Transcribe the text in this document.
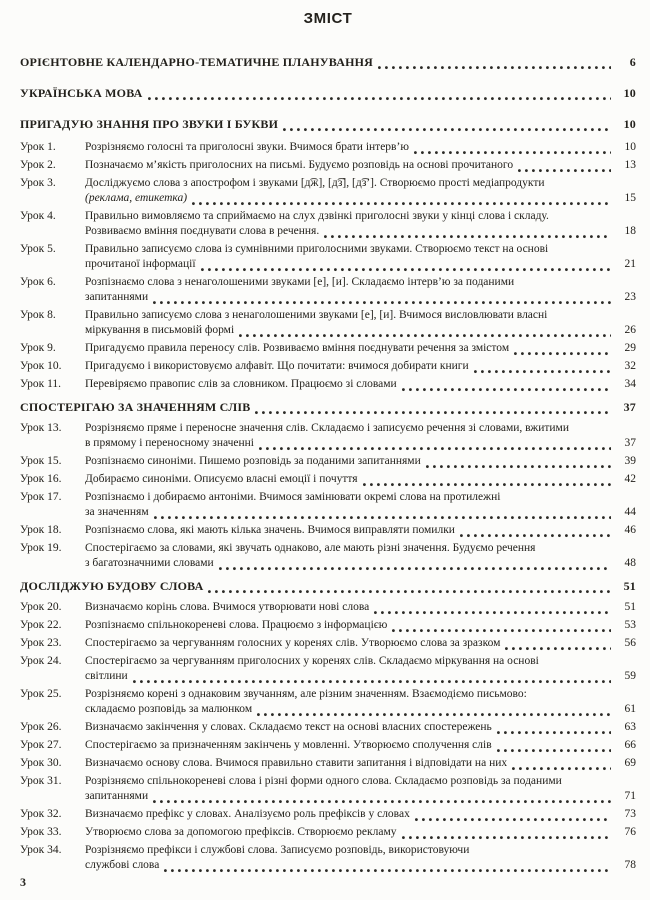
ЗМІСТ
ОРІЄНТОВНЕ КАЛЕНДАРНО-ТЕМАТИЧНЕ ПЛАНУВАННЯ	6
УКРАЇНСЬКА МОВА	10
ПРИГАДУЮ ЗНАННЯ ПРО ЗВУКИ І БУКВИ	10
Урок 1.	Розрізняємо голосні та приголосні звуки. Вчимося брати інтерв’ю	10
Урок 2.	Позначаємо м’якість приголосних на письмі. Будуємо розповідь на основі прочитаного	13
Урок 3.	Досліджуємо слова з апострофом і звуками [д͡ж], [д͡з], [д͡з’]. Створюємо прості медіапродукти
(реклама, етикетка)	15
Урок 4.	Правильно вимовляємо та сприймаємо на слух дзвінкі приголосні звуки у кінці слова і складу.
Розвиваємо вміння поєднувати слова в речення.	18
Урок 5.	Правильно записуємо слова із сумнівними приголосними звуками. Створюємо текст на основі
прочитаної інформації	21
Урок 6.	Розпізнаємо слова з ненаголошеними звуками [е], [и]. Складаємо інтерв’ю за поданими
запитаннями	23
Урок 8.	Правильно записуємо слова з ненаголошеними звуками [е], [и]. Вчимося висловлювати власні
міркування в письмовій формі	26
Урок 9.	Пригадуємо правила переносу слів. Розвиваємо вміння поєднувати речення за змістом	29
Урок 10.	Пригадуємо і використовуємо алфавіт. Що почитати: вчимося добирати книги	32
Урок 11.	Перевіряємо правопис слів за словником. Працюємо зі словами	34
СПОСТЕРІГАЮ ЗА ЗНАЧЕННЯМ СЛІВ	37
Урок 13.	Розрізняємо пряме і переносне значення слів. Складаємо і записуємо речення зі словами, вжитими
в прямому і переносному значенні	37
Урок 15.	Розпізнаємо синоніми. Пишемо розповідь за поданими запитаннями	39
Урок 16.	Добираємо синоніми. Описуємо власні емоції і почуття	42
Урок 17.	Розпізнаємо і добираємо антоніми. Вчимося замінювати окремі слова на протилежні
за значенням	44
Урок 18.	Розпізнаємо слова, які мають кілька значень. Вчимося виправляти помилки	46
Урок 19.	Спостерігаємо за словами, які звучать однаково, але мають різні значення. Будуємо речення
з багатозначними словами	48
ДОСЛІДЖУЮ БУДОВУ СЛОВА	51
Урок 20.	Визначаємо корінь слова. Вчимося утворювати нові слова	51
Урок 22.	Розпізнаємо спільнокореневі слова. Працюємо з інформацією	53
Урок 23.	Спостерігаємо за чергуванням голосних у коренях слів. Утворюємо слова за зразком	56
Урок 24.	Спостерігаємо за чергуванням приголосних у коренях слів. Складаємо міркування на основі
світлини	59
Урок 25.	Розрізняємо корені з однаковим звучанням, але різним значенням. Взаємодіємо письмово:
складаємо розповідь за малюнком	61
Урок 26.	Визначаємо закінчення у словах. Складаємо текст на основі власних спостережень	63
Урок 27.	Спостерігаємо за призначенням закінчень у мовленні. Утворюємо сполучення слів	66
Урок 30.	Визначаємо основу слова. Вчимося правильно ставити запитання і відповідати на них	69
Урок 31.	Розрізняємо спільнокореневі слова і різні форми одного слова. Складаємо розповідь за поданими
запитаннями	71
Урок 32.	Визначаємо префікс у словах. Аналізуємо роль префіксів у словах	73
Урок 33.	Утворюємо слова за допомогою префіксів. Створюємо рекламу	76
Урок 34.	Розрізняємо префікси і службові слова. Записуємо розповідь, використовуючи
службові слова	78
3
